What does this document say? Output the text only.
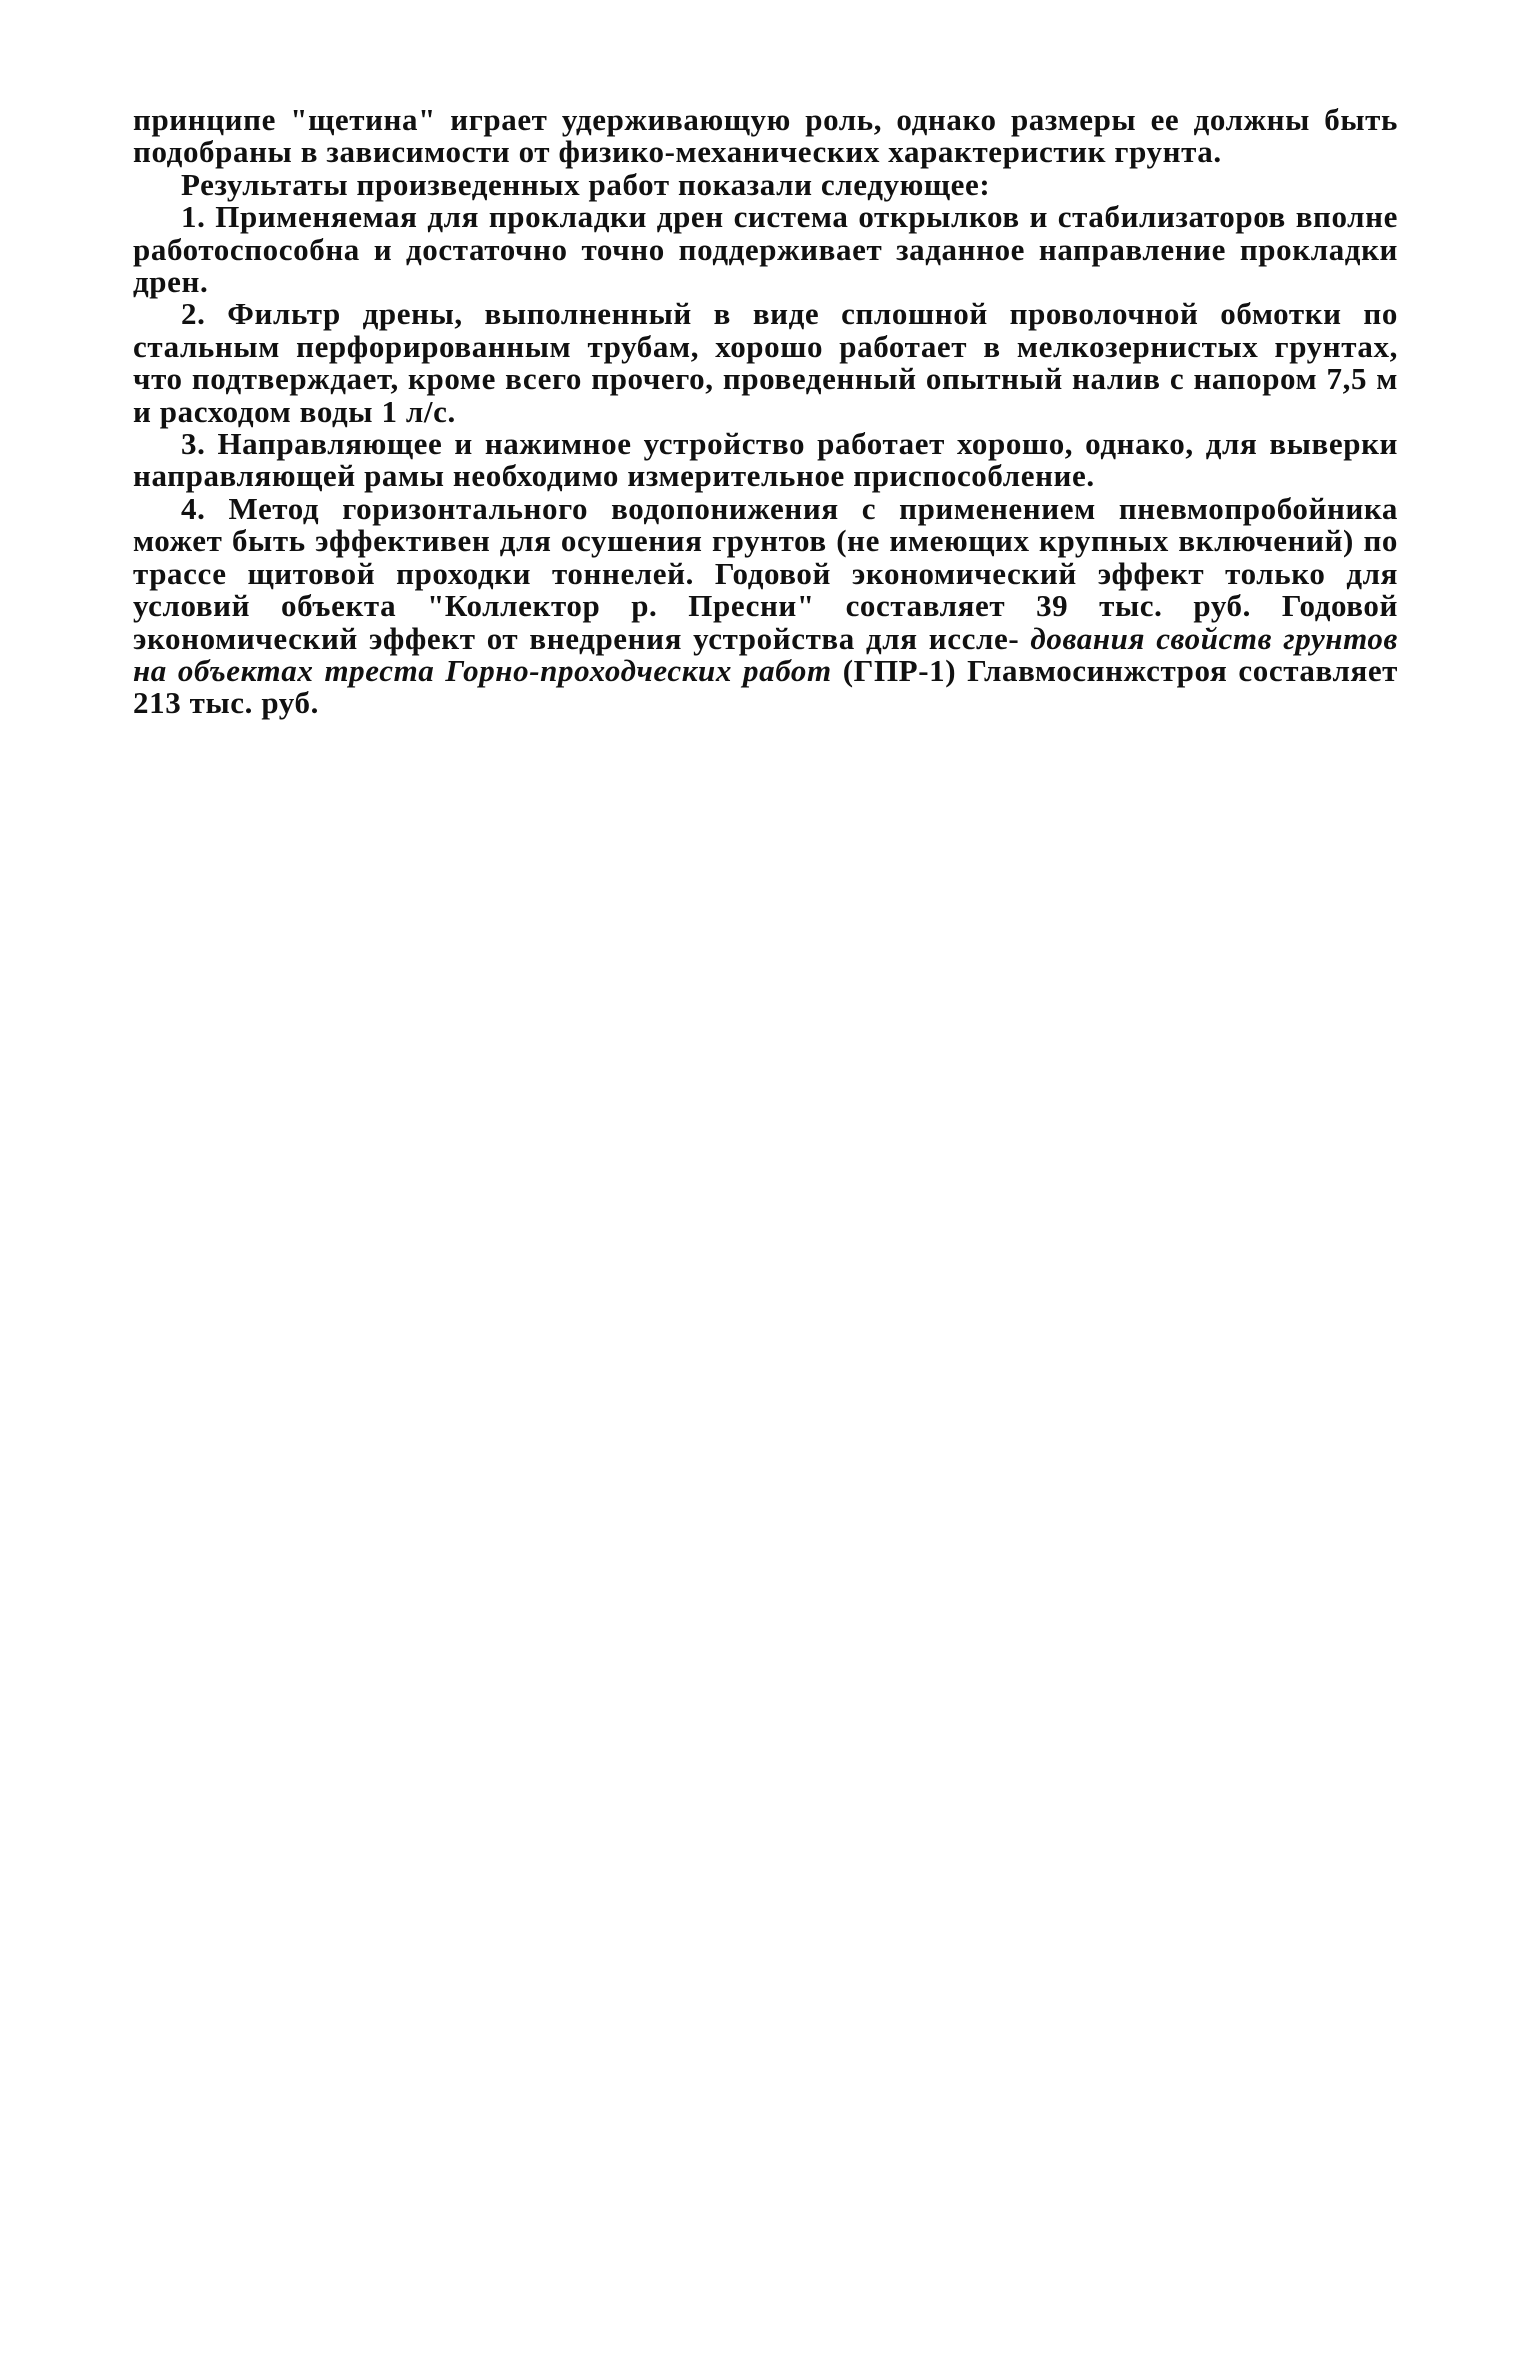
принципе "щетина" играет удерживающую роль, однако размеры ее должны быть подобраны в зависимости от физико-механических характеристик грунта.

Результаты произведенных работ показали следующее:

1. Применяемая для прокладки дрен система открылков и стабилизаторов вполне работоспособна и достаточно точно поддерживает заданное направление прокладки дрен.

2. Фильтр дрены, выполненный в виде сплошной проволочной обмотки по стальным перфорированным трубам, хорошо работает в мелкозернистых грунтах, что подтверждает, кроме всего прочего, проведенный опытный налив с напором 7,5 м и расходом воды 1 л/с.

3. Направляющее и нажимное устройство работает хорошо, однако, для выверки направляющей рамы необходимо измерительное приспособление.

4. Метод горизонтального водопонижения с применением пневмопробойника может быть эффективен для осушения грунтов (не имеющих крупных включений) по трассе щитовой проходки тоннелей. Годовой экономический эффект только для условий объекта "Коллектор р. Пресни" составляет 39 тыс. руб. Годовой экономический эффект от внедрения устройства для иссле- дования свойств грунтов на объектах треста Горно-проходческих работ (ГПР-1) Главмосинжстроя составляет 213 тыс. руб.
